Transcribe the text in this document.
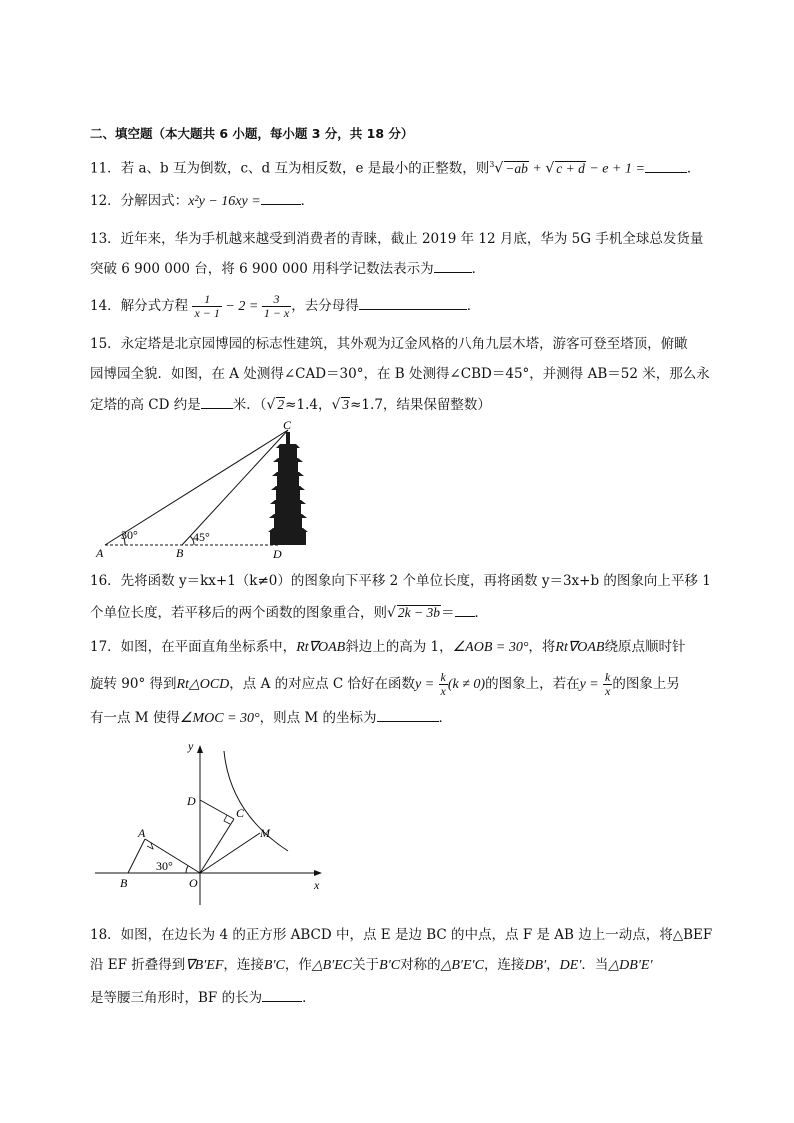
二、填空题（本大题共 6 小题，每小题 3 分，共 18 分）
11．若 a、b 互为倒数，c、d 互为相反数，e 是最小的正整数，则$^3$√ −ab + √ c + d − e + 1 =	．
12．分解因式：x²y − 16xy =	．
13．近年来，华为手机越来越受到消费者的青睐，截止 2019 年 12 月底，华为 5G 手机全球总发货量
突破 6 900 000 台，将 6 900 000 用科学记数法表示为	．
14．解分式方程 $\frac{1}{x - 1} - 2 = \frac{3}{1 - x}$ ，去分母得	．
15．永定塔是北京园博园的标志性建筑，其外观为辽金风格的八角九层木塔，游客可登至塔顶，俯瞰
园博园全貌．如图，在 A 处测得∠CAD＝30°，在 B 处测得∠CBD＝45°，并测得 AB＝52 米，那么永
定塔的高 CD 约是 米．（√ 2≈1.4，√ 3≈1.7，结果保留整数）
30°	45°
A	B
C
D
16．先将函数 y＝kx+1（k≠0）的图象向下平移 2 个单位长度，再将函数 y＝3x+b 的图象向上平移 1
个单位长度，若平移后的两个函数的图象重合，则√ 2k − 3b＝ ．
17．如图，在平面直角坐标系中，Rt∇OAB斜边上的高为 1，∠AOB = 30°，将Rt∇OAB绕原点顺时针
旋转 90° 得到Rt△OCD，点 A 的对应点 C 恰好在函数$y = \frac{k}{x} (k \ne 0)$的图象上，若在$y = \frac{k}{x}$ 的图象上另
有一点 M 使得∠MOC = 30°，则点 M 的坐标为	．
y
x
O
A
B
C
D
M
30°
18．如图，在边长为 4 的正方形 ABCD 中，点 E 是边 BC 的中点，点 F 是 AB 边上一动点，将△BEF
沿 EF 折叠得到∇B′EF，连接B′C，作△B′EC关于B′C对称的△B′E′C，连接DB′，DE′．当△DB′E′
是等腰三角形时，BF 的长为	．
